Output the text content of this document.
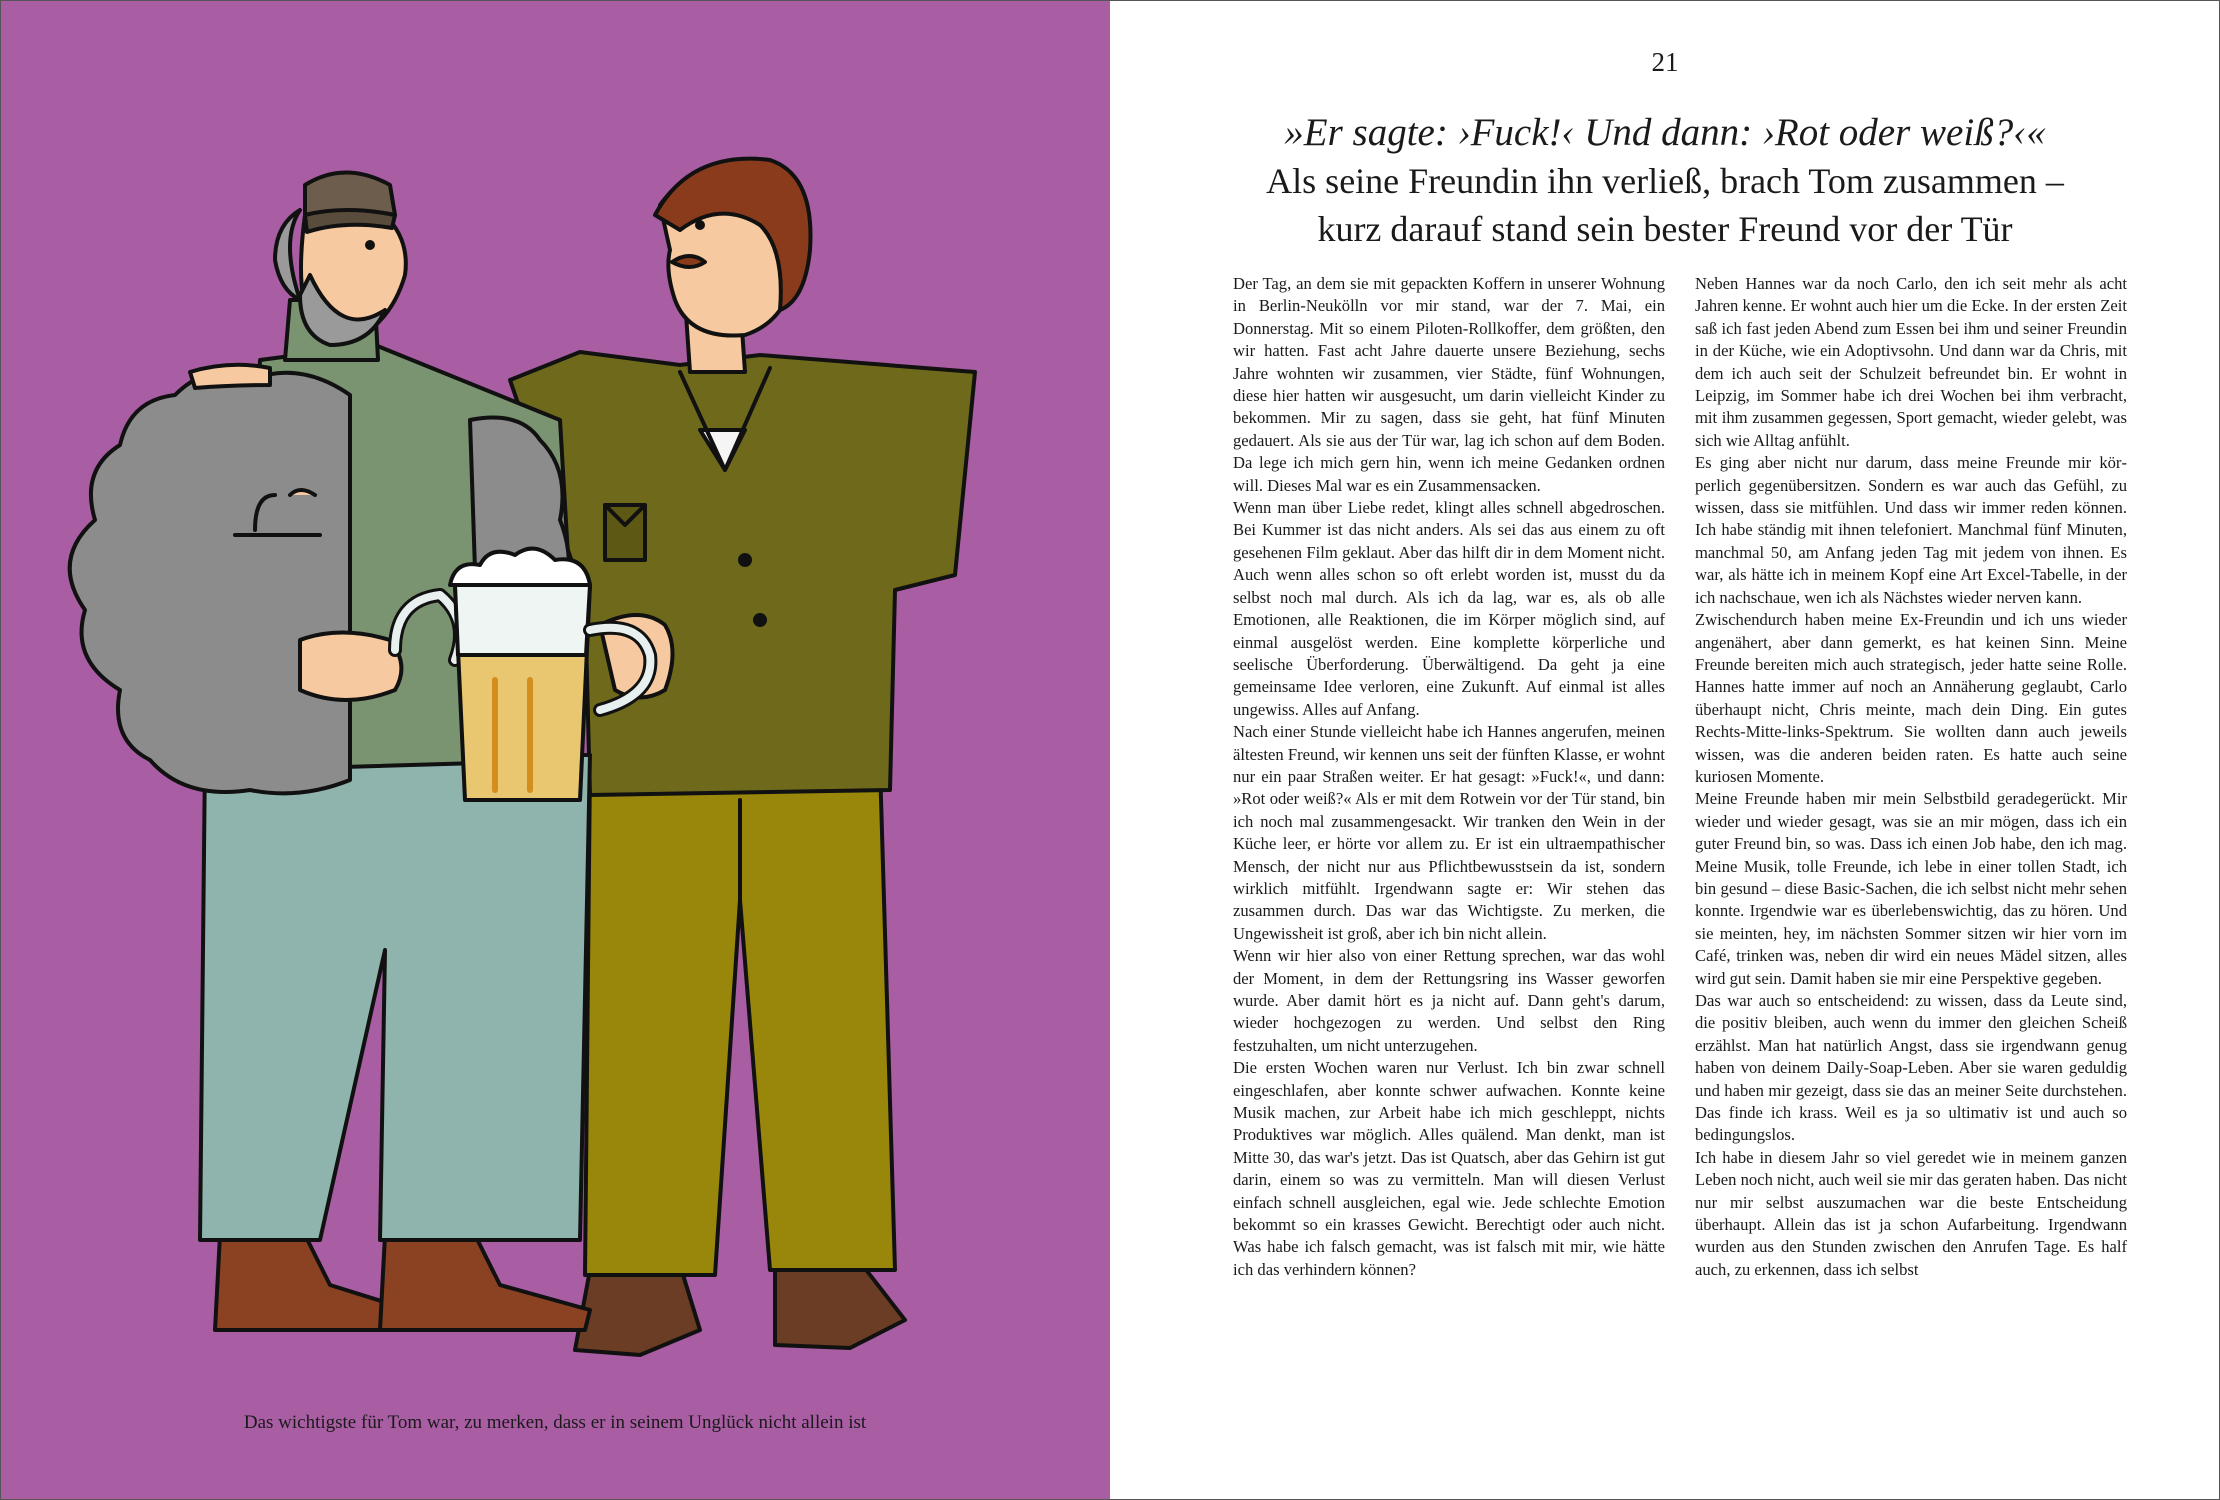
Das wichtigste für Tom war, zu merken, dass er in seinem Unglück nicht allein ist
21
»Er sagte: ›Fuck!‹ Und dann: ›Rot oder weiß?‹«
Als seine Freundin ihn verließ, brach Tom zusammen –
kurz darauf stand sein bester Freund vor der Tür

Der Tag, an dem sie mit gepackten Koffern in unserer Wohnung in Berlin-Neukölln vor mir stand, war der 7. Mai, ein Donnerstag. Mit so einem Piloten-Rollkoffer, dem größten, den wir hatten. Fast acht Jahre dauerte unsere Beziehung, sechs Jahre wohnten wir zusammen, vier Städte, fünf Wohnungen, diese hier hatten wir ausgesucht, um darin vielleicht Kinder zu bekommen. Mir zu sagen, dass sie geht, hat fünf Minuten gedauert. Als sie aus der Tür war, lag ich schon auf dem Boden. Da lege ich mich gern hin, wenn ich meine Gedanken ordnen will. Dieses Mal war es ein Zusammensacken.

Wenn man über Liebe redet, klingt alles schnell abgedroschen. Bei Kummer ist das nicht anders. Als sei das aus einem zu oft gesehenen Film geklaut. Aber das hilft dir in dem Moment nicht. Auch wenn alles schon so oft erlebt worden ist, musst du da selbst noch mal durch. Als ich da lag, war es, als ob alle Emotionen, alle Reaktionen, die im Körper möglich sind, auf einmal ausgelöst werden. Eine komplette körperliche und seelische Überforderung. Überwältigend. Da geht ja eine gemeinsame Idee verloren, eine Zukunft. Auf einmal ist alles ungewiss. Alles auf Anfang.

Nach einer Stunde vielleicht habe ich Hannes angerufen, meinen ältesten Freund, wir kennen uns seit der fünften Klasse, er wohnt nur ein paar Straßen weiter. Er hat gesagt: »Fuck!«, und dann: »Rot oder weiß?« Als er mit dem Rotwein vor der Tür stand, bin ich noch mal zusammengesackt. Wir tranken den Wein in der Küche leer, er hörte vor allem zu. Er ist ein ultraempathischer Mensch, der nicht nur aus Pflichtbewusstsein da ist, sondern wirklich mitfühlt. Irgendwann sagte er: Wir stehen das zusammen durch. Das war das Wichtigste. Zu merken, die Ungewissheit ist groß, aber ich bin nicht allein.

Wenn wir hier also von einer Rettung sprechen, war das wohl der Moment, in dem der Rettungsring ins Wasser geworfen wurde. Aber damit hört es ja nicht auf. Dann geht's darum, wieder hochgezogen zu werden. Und selbst den Ring festzuhalten, um nicht unterzugehen.

Die ersten Wochen waren nur Verlust. Ich bin zwar schnell eingeschlafen, aber konnte schwer aufwachen. Konnte keine Musik machen, zur Arbeit habe ich mich geschleppt, nichts Produktives war möglich. Alles quälend. Man denkt, man ist Mitte 30, das war's jetzt. Das ist Quatsch, aber das Gehirn ist gut darin, einem so was zu vermitteln. Man will diesen Verlust einfach schnell ausgleichen, egal wie. Jede schlechte Emotion bekommt so ein krasses Gewicht. Berechtigt oder auch nicht. Was habe ich falsch gemacht, was ist falsch mit mir, wie hätte ich das verhindern können?

Neben Hannes war da noch Carlo, den ich seit mehr als acht Jahren kenne. Er wohnt auch hier um die Ecke. In der ersten Zeit saß ich fast jeden Abend zum Essen bei ihm und seiner Freundin in der Küche, wie ein Adoptivsohn. Und dann war da Chris, mit dem ich auch seit der Schulzeit befreundet bin. Er wohnt in Leipzig, im Sommer habe ich drei Wochen bei ihm verbracht, mit ihm zusammen gegessen, Sport gemacht, wieder gelebt, was sich wie Alltag anfühlt.

Es ging aber nicht nur darum, dass meine Freunde mir körperlich gegenübersitzen. Sondern es war auch das Gefühl, zu wissen, dass sie mitfühlen. Und dass wir immer reden können. Ich habe ständig mit ihnen telefoniert. Manchmal fünf Minuten, manchmal 50, am Anfang jeden Tag mit jedem von ihnen. Es war, als hätte ich in meinem Kopf eine Art Excel-Tabelle, in der ich nachschaue, wen ich als Nächstes wieder nerven kann.

Zwischendurch haben meine Ex-Freundin und ich uns wieder angenähert, aber dann gemerkt, es hat keinen Sinn. Meine Freunde bereiten mich auch strategisch, jeder hatte seine Rolle. Hannes hatte immer auf noch an Annäherung geglaubt, Carlo überhaupt nicht, Chris meinte, mach dein Ding. Ein gutes Rechts-Mitte-links-Spektrum. Sie wollten dann auch jeweils wissen, was die anderen beiden raten. Es hatte auch seine kuriosen Momente.

Meine Freunde haben mir mein Selbstbild geradegerückt. Mir wieder und wieder gesagt, was sie an mir mögen, dass ich ein guter Freund bin, so was. Dass ich einen Job habe, den ich mag. Meine Musik, tolle Freunde, ich lebe in einer tollen Stadt, ich bin gesund – diese Basic-Sachen, die ich selbst nicht mehr sehen konnte. Irgendwie war es überlebenswichtig, das zu hören. Und sie meinten, hey, im nächsten Sommer sitzen wir hier vorn im Café, trinken was, neben dir wird ein neues Mädel sitzen, alles wird gut sein. Damit haben sie mir eine Perspektive gegeben.

Das war auch so entscheidend: zu wissen, dass da Leute sind, die positiv bleiben, auch wenn du immer den gleichen Scheiß erzählst. Man hat natürlich Angst, dass sie irgendwann genug haben von deinem Daily-Soap-Leben. Aber sie waren geduldig und haben mir gezeigt, dass sie das an meiner Seite durchstehen. Das finde ich krass. Weil es ja so ultimativ ist und auch so bedingungslos.

Ich habe in diesem Jahr so viel geredet wie in meinem ganzen Leben noch nicht, auch weil sie mir das geraten haben. Das nicht nur mir selbst auszumachen war die beste Entscheidung überhaupt. Allein das ist ja schon Aufarbeitung. Irgendwann wurden aus den Stunden zwischen den Anrufen Tage. Es half auch, zu erkennen, dass ich selbst
